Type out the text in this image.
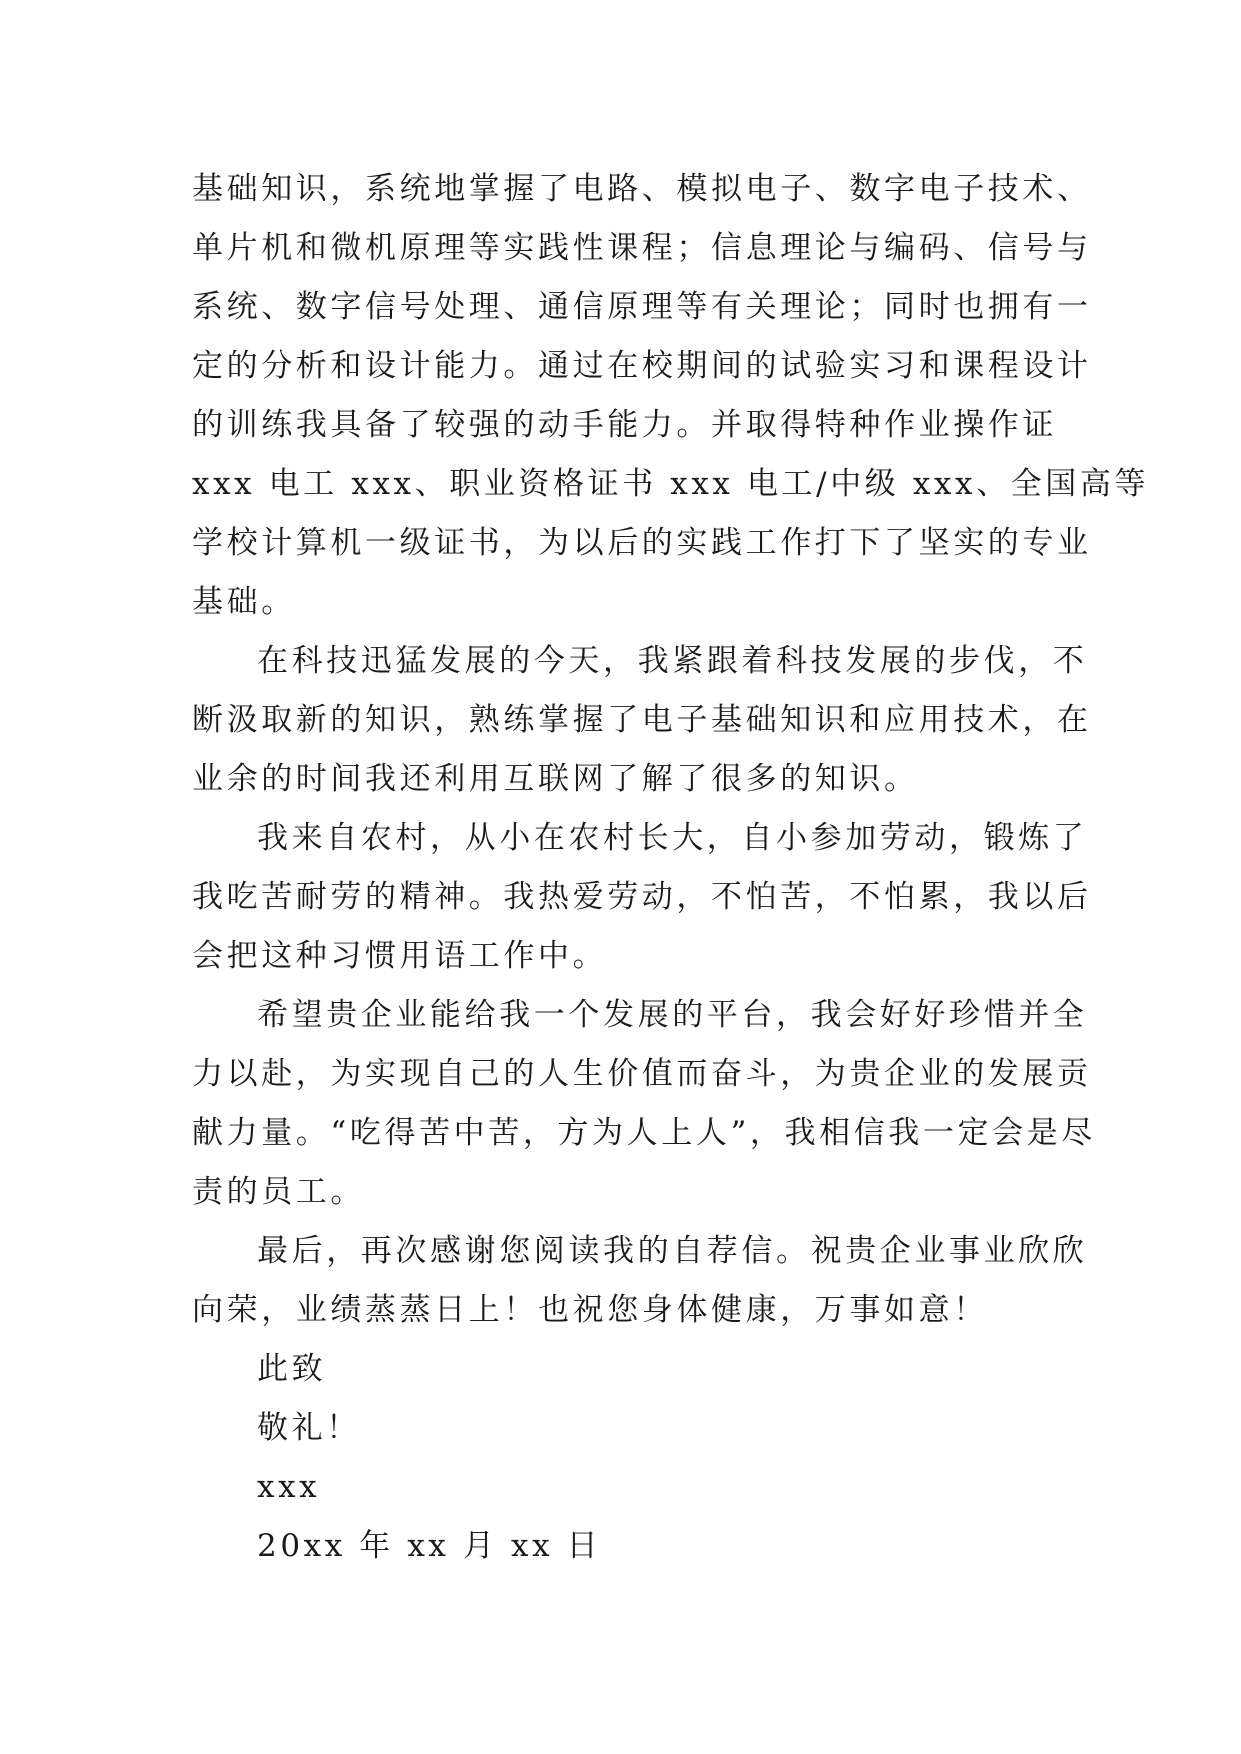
基础知识，系统地掌握了电路、模拟电子、数字电子技术、
单片机和微机原理等实践性课程；信息理论与编码、信号与
系统、数字信号处理、通信原理等有关理论；同时也拥有一
定的分析和设计能力。通过在校期间的试验实习和课程设计
的训练我具备了较强的动手能力。并取得特种作业操作证
xxx 电工 xxx、职业资格证书 xxx 电工/中级 xxx、全国高等
学校计算机一级证书，为以后的实践工作打下了坚实的专业
基础。
在科技迅猛发展的今天，我紧跟着科技发展的步伐，不
断汲取新的知识，熟练掌握了电子基础知识和应用技术，在
业余的时间我还利用互联网了解了很多的知识。
我来自农村，从小在农村长大，自小参加劳动，锻炼了
我吃苦耐劳的精神。我热爱劳动，不怕苦，不怕累，我以后
会把这种习惯用语工作中。
希望贵企业能给我一个发展的平台，我会好好珍惜并全
力以赴，为实现自己的人生价值而奋斗，为贵企业的发展贡
献力量。“吃得苦中苦，方为人上人”，我相信我一定会是尽
责的员工。
最后，再次感谢您阅读我的自荐信。祝贵企业事业欣欣
向荣，业绩蒸蒸日上！也祝您身体健康，万事如意！
此致
敬礼！
xxx
20xx 年 xx 月 xx 日
